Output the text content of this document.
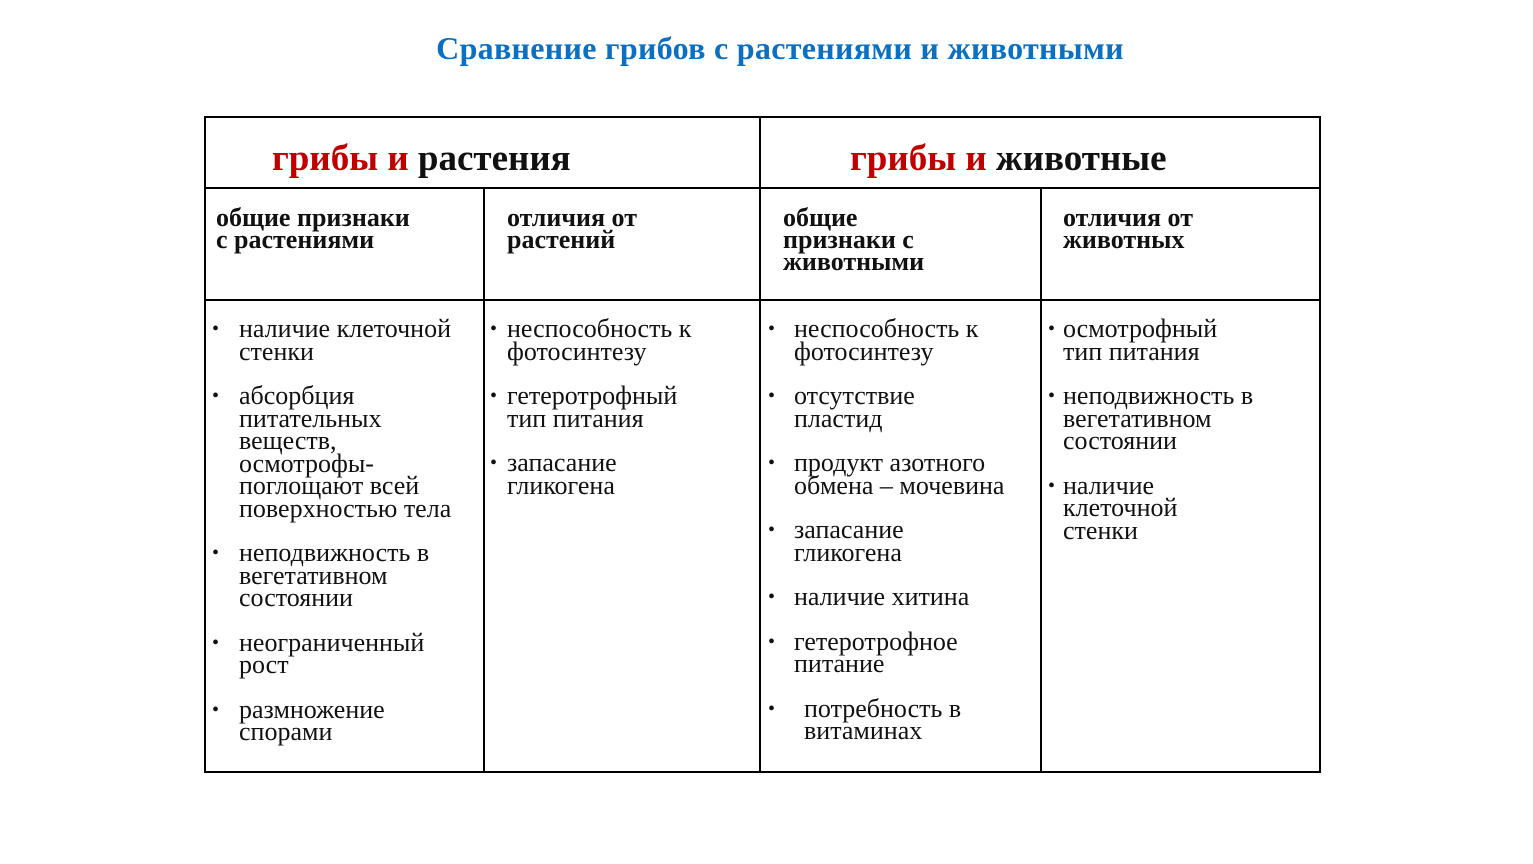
Сравнение грибов с растениями и животными
грибы и растения	грибы и животные
общие признаки
с растениями
отличия от
растений
общие
признаки с
животными
отличия от
животных
• наличие клеточной стенки
• абсорбция питательных веществ, осмотрофы- поглощают всей поверхностью тела
• неподвижность в вегетативном состоянии
• неограниченный рост
• размножение спорами
• неспособность к фотосинтезу
• гетеротрофный тип питания
• запасание гликогена
• неспособность к фотосинтезу
• отсутствие пластид
• продукт азотного обмена – мочевина
• запасание гликогена
• наличие хитина
• гетеротрофное питание
• потребность в витаминах
• осмотрофный тип питания
• неподвижность в вегетативном состоянии
• наличие клеточной стенки
